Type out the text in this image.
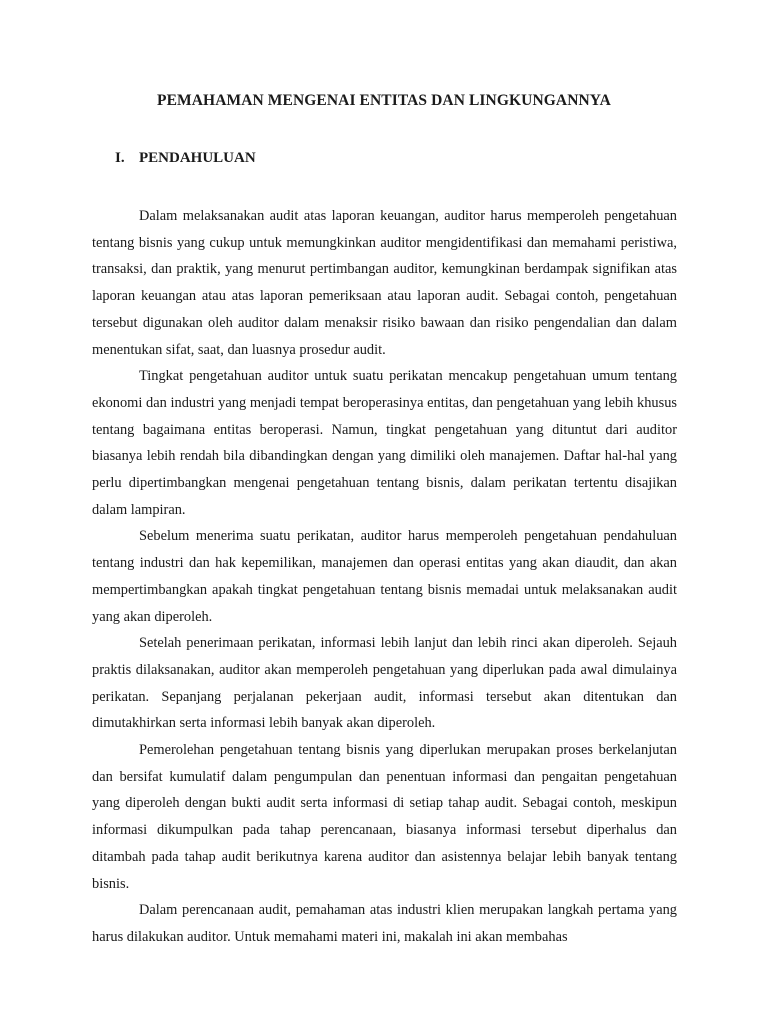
PEMAHAMAN MENGENAI ENTITAS DAN LINGKUNGANNYA
I. PENDAHULUAN

Dalam melaksanakan audit atas laporan keuangan, auditor harus memperoleh pengetahuan tentang bisnis yang cukup untuk memungkinkan auditor mengidentifikasi dan memahami peristiwa, transaksi, dan praktik, yang menurut pertimbangan auditor, kemungkinan berdampak signifikan atas laporan keuangan atau atas laporan pemeriksaan atau laporan audit. Sebagai contoh, pengetahuan tersebut digunakan oleh auditor dalam menaksir risiko bawaan dan risiko pengendalian dan dalam menentukan sifat, saat, dan luasnya prosedur audit.

Tingkat pengetahuan auditor untuk suatu perikatan mencakup pengetahuan umum tentang ekonomi dan industri yang menjadi tempat beroperasinya entitas, dan pengetahuan yang lebih khusus tentang bagaimana entitas beroperasi. Namun, tingkat pengetahuan yang dituntut dari auditor biasanya lebih rendah bila dibandingkan dengan yang dimiliki oleh manajemen. Daftar hal-hal yang perlu dipertimbangkan mengenai pengetahuan tentang bisnis, dalam perikatan tertentu disajikan dalam lampiran.

Sebelum menerima suatu perikatan, auditor harus memperoleh pengetahuan pendahuluan tentang industri dan hak kepemilikan, manajemen dan operasi entitas yang akan diaudit, dan akan mempertimbangkan apakah tingkat pengetahuan tentang bisnis memadai untuk melaksanakan audit yang akan diperoleh.

Setelah penerimaan perikatan, informasi lebih lanjut dan lebih rinci akan diperoleh. Sejauh praktis dilaksanakan, auditor akan memperoleh pengetahuan yang diperlukan pada awal dimulainya perikatan. Sepanjang perjalanan pekerjaan audit, informasi tersebut akan ditentukan dan dimutakhirkan serta informasi lebih banyak akan diperoleh.

Pemerolehan pengetahuan tentang bisnis yang diperlukan merupakan proses berkelanjutan dan bersifat kumulatif dalam pengumpulan dan penentuan informasi dan pengaitan pengetahuan yang diperoleh dengan bukti audit serta informasi di setiap tahap audit. Sebagai contoh, meskipun informasi dikumpulkan pada tahap perencanaan, biasanya informasi tersebut diperhalus dan ditambah pada tahap audit berikutnya karena auditor dan asistennya belajar lebih banyak tentang bisnis.

Dalam perencanaan audit, pemahaman atas industri klien merupakan langkah pertama yang harus dilakukan auditor. Untuk memahami materi ini, makalah ini akan membahas
